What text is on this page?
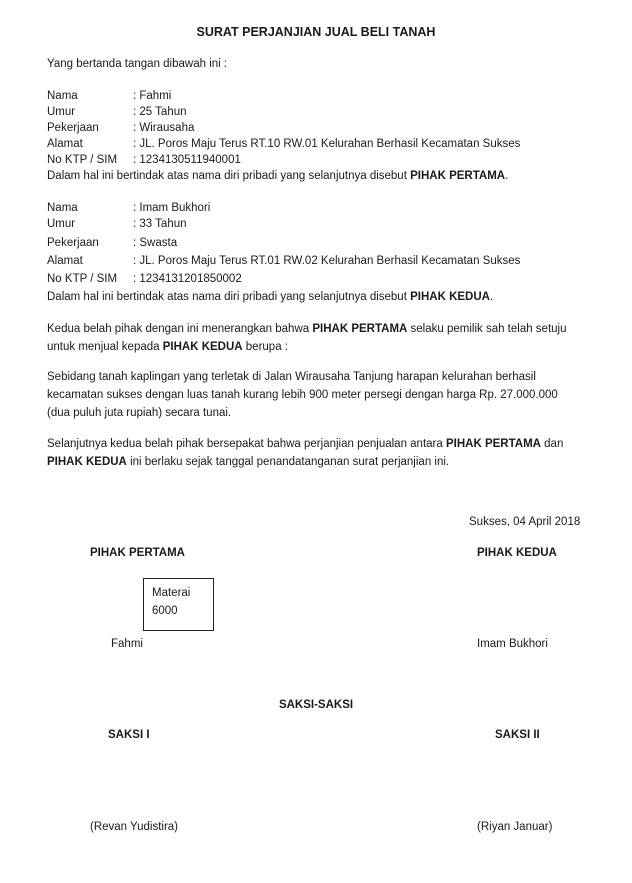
SURAT PERJANJIAN JUAL BELI TANAH
Yang bertanda tangan dibawah ini :
Nama	: Fahmi
Umur	: 25 Tahun
Pekerjaan	: Wirausaha
Alamat	: JL. Poros Maju Terus RT.10 RW.01 Kelurahan Berhasil Kecamatan Sukses
No KTP / SIM : 1234130511940001
Dalam hal ini bertindak atas nama diri pribadi yang selanjutnya disebut PIHAK PERTAMA.
Nama	: Imam Bukhori
Umur	: 33 Tahun
Pekerjaan	: Swasta
Alamat	: JL. Poros Maju Terus RT.01 RW.02 Kelurahan Berhasil Kecamatan Sukses
No KTP / SIM : 1234131201850002
Dalam hal ini bertindak atas nama diri pribadi yang selanjutnya disebut PIHAK KEDUA.

Kedua belah pihak dengan ini menerangkan bahwa PIHAK PERTAMA selaku pemilik sah telah setuju

untuk menjual kepada PIHAK KEDUA berupa :

Sebidang tanah kaplingan yang terletak di Jalan Wirausaha Tanjung harapan kelurahan berhasil

kecamatan sukses dengan luas tanah kurang lebih 900 meter persegi dengan harga Rp. 27.000.000

(dua puluh juta rupiah) secara tunai.

Selanjutnya kedua belah pihak bersepakat bahwa perjanjian penjualan antara PIHAK PERTAMA dan

PIHAK KEDUA ini berlaku sejak tanggal penandatanganan surat perjanjian ini.

Sukses, 04 April 2018
PIHAK PERTAMA	PIHAK KEDUA
Materai
6000
Fahmi	Imam Bukhori
SAKSI-SAKSI
SAKSI I	SAKSI II
(Revan Yudistira)	(Riyan Januar)
